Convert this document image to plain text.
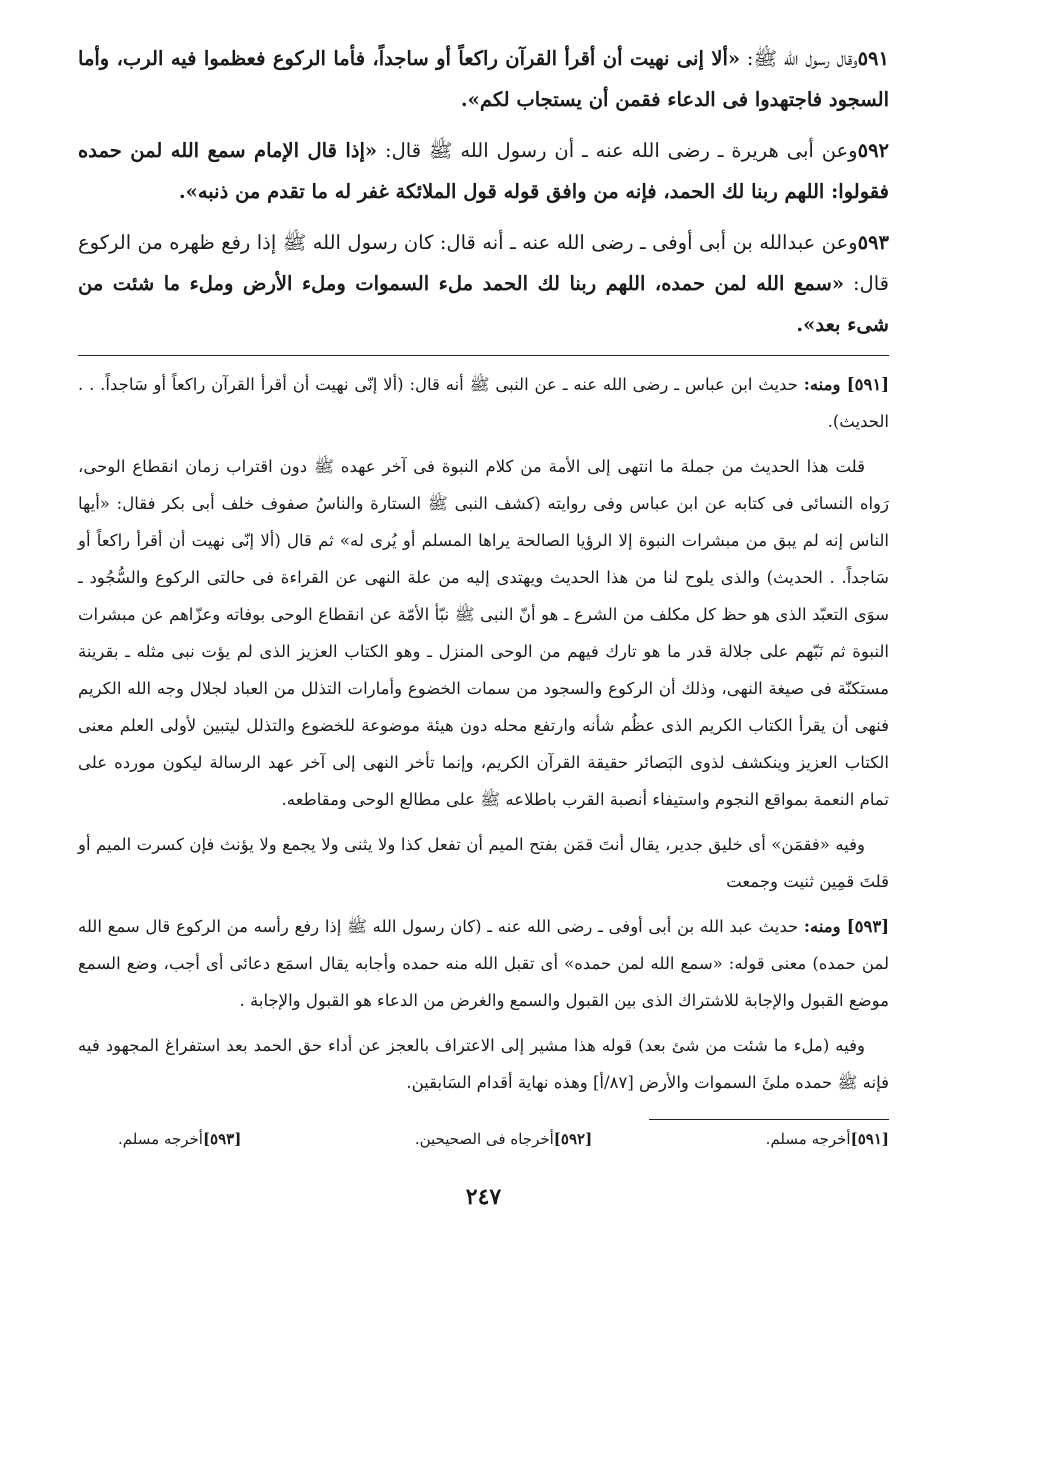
٥٩١وقال رسول الله ﷺ: «ألا إنى نهيت أن أقرأ القرآن راكعاً أو ساجداً، فأما الركوع فعظموا فيه الرب، وأما السجود فاجتهدوا فى الدعاء فقمن أن يستجاب لكم».

٥٩٢وعن أبى هريرة ـ رضى الله عنه ـ أن رسول الله ﷺ قال: «إذا قال الإمام سمع الله لمن حمده فقولوا: اللهم ربنا لك الحمد، فإنه من وافق قوله قول الملائكة غفر له ما تقدم من ذنبه».

٥٩٣وعن عبدالله بن أبى أوفى ـ رضى الله عنه ـ أنه قال: كان رسول الله ﷺ إذا رفع ظهره من الركوع قال: «سمع الله لمن حمده، اللهم ربنا لك الحمد ملء السموات وملء الأرض وملء ما شئت من شىء بعد».

[٥٩١] ومنه: حديث ابن عباس ـ رضى الله عنه ـ عن النبى ﷺ أنه قال: (ألا إنّى نهيت أن أقرأ القرآن راكعاً أو سَاجداً. . . الحديث).

قلت هذا الحديث من جملة ما انتهى إلى الأمة من كلام النبوة فى آخر عهده ﷺ دون اقتراب زمان انقطاع الوحى، رَواه النسائى فى كتابه عن ابن عباس وفى روايته (كشف النبى ﷺ الستارة والناسُ صفوف خلف أبى بكر فقال: «أيها الناس إنه لم يبق من مبشرات النبوة إلا الرؤيا الصالحة يراها المسلم أو يُرى له» ثم قال (ألا إنّى نهيت أن أقرأ راكعاً أو سَاجداً. . الحديث) والذى يلوح لنا من هذا الحديث ويهتدى إليه من علة النهى عن القراءة فى حالتى الركوع والسُّجُود ـ سوَى التعبّد الذى هو حظ كل مكلف من الشرع ـ هو أنّ النبى ﷺ نبّأ الأمّة عن انقطاع الوحى بوفاته وعزّاهم عن مبشرات النبوة ثم نَبّهم على جلالة قدر ما هو تارك فيهم من الوحى المنزل ـ وهو الكتاب العزيز الذى لم يؤت نبى مثله ـ بقرينة مستكنّة فى صيغة النهى، وذلك أن الركوع والسجود من سمات الخضوع وأمارات التذلل من العباد لجلال وجه الله الكريم فنهى أن يقرأ الكتاب الكريم الذى عظُم شأنه وارتفع محله دون هيئة موضوعة للخضوع والتذلل ليتبين لأولى العلم معنى الكتاب العزيز وينكشف لذوى البَصائر حقيقة القرآن الكريم، وإنما تأخر النهى إلى آخر عهد الرسالة ليكون مورده على تمام النعمة بمواقع النجوم واستيفاء أنصبة القرب باطلاعه ﷺ على مطالع الوحى ومقاطعه.

وفيه «فقمَن» أى خليق جدير، يقال أنتَ قمَن بفتح الميم أن تفعل كذا ولا يثنى ولا يجمع ولا يؤنث فإن كسرت الميم أو قلتَ قمِين ثنيت وجمعت

[٥٩٣] ومنه: حديث عبد الله بن أبى أوفى ـ رضى الله عنه ـ (كان رسول الله ﷺ إذا رفع رأسه من الركوع قال سمع الله لمن حمده) معنى قوله: «سمع الله لمن حمده» أى تقبل الله منه حمده وأجابه يقال اسمَع دعائى أى أجب، وضع السمع موضع القبول والإجابة للاشتراك الذى بين القبول والسمع والغرض من الدعاء هو القبول والإجابة .

وفيه (ملء ما شئت من شئ بعد) قوله هذا مشير إلى الاعتراف بالعجز عن أداء حق الحمد بعد استفراغ المجهود فيه فإنه ﷺ حمده ملئَ السموات والأرض [٨٧/أ] وهذه نهاية أقدام السَابقين.

[٥٩١]أخرجه مسلم.
[٥٩٢]أخرجاه فى الصحيحين.
[٥٩٣]أخرجه مسلم.
٢٤٧
